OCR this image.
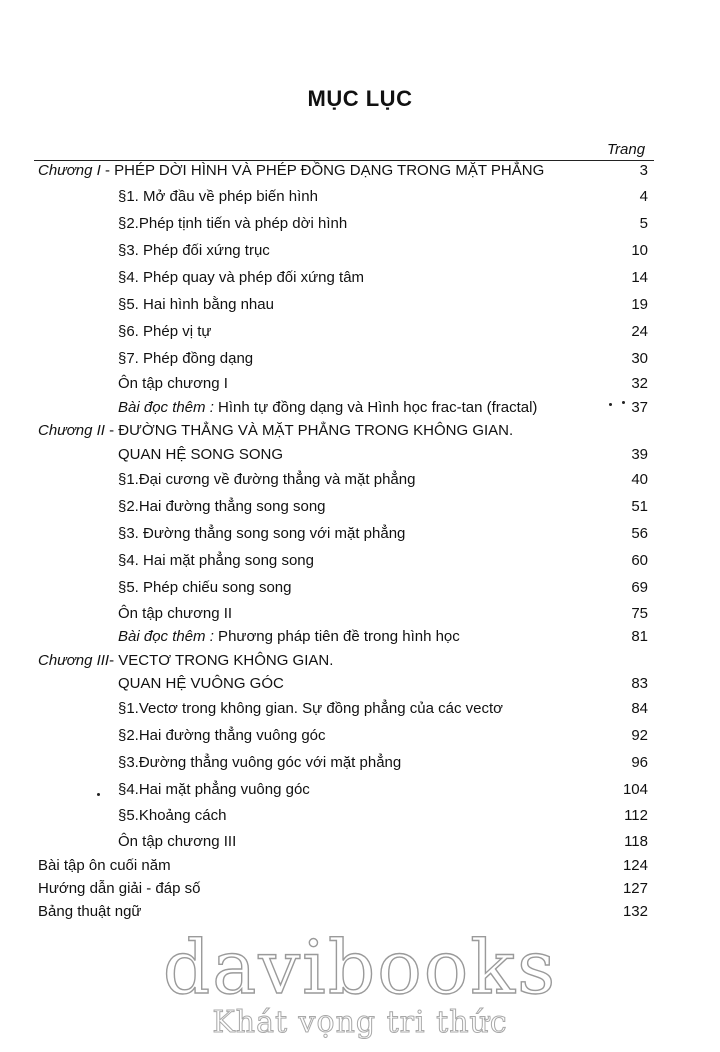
MỤC LỤC
Trang
Chương I - PHÉP DỜI HÌNH VÀ PHÉP ĐỒNG DẠNG TRONG MẶT PHẲNG	3
§1. Mở đầu về phép biến hình	4
§2.Phép tịnh tiến và phép dời hình	5
§3. Phép đối xứng trục	10
§4. Phép quay và phép đối xứng tâm	14
§5. Hai hình bằng nhau	19
§6. Phép vị tự	24
§7. Phép đồng dạng	30
Ôn tập chương I	32
Bài đọc thêm : Hình tự đồng dạng và Hình học frac-tan (fractal)	37
Chương II - ĐƯỜNG THẲNG VÀ MẶT PHẲNG TRONG KHÔNG GIAN.
QUAN HỆ SONG SONG	39
§1.Đại cương về đường thẳng và mặt phẳng	40
§2.Hai đường thẳng song song	51
§3. Đường thẳng song song với mặt phẳng	56
§4. Hai mặt phẳng song song	60
§5. Phép chiếu song song	69
Ôn tập chương II	75
Bài đọc thêm : Phương pháp tiên đề trong hình học	81
Chương III- VECTƠ TRONG KHÔNG GIAN.
QUAN HỆ VUÔNG GÓC	83
§1.Vectơ trong không gian. Sự đồng phẳng của các vectơ	84
§2.Hai đường thẳng vuông góc	92
§3.Đường thẳng vuông góc với mặt phẳng	96
§4.Hai mặt phẳng vuông góc	104
§5.Khoảng cách	112
Ôn tập chương III	118
Bài tập ôn cuối năm	124
Hướng dẫn giải - đáp số	127
Bảng thuật ngữ	132
davibooks
Khát vọng tri thức
